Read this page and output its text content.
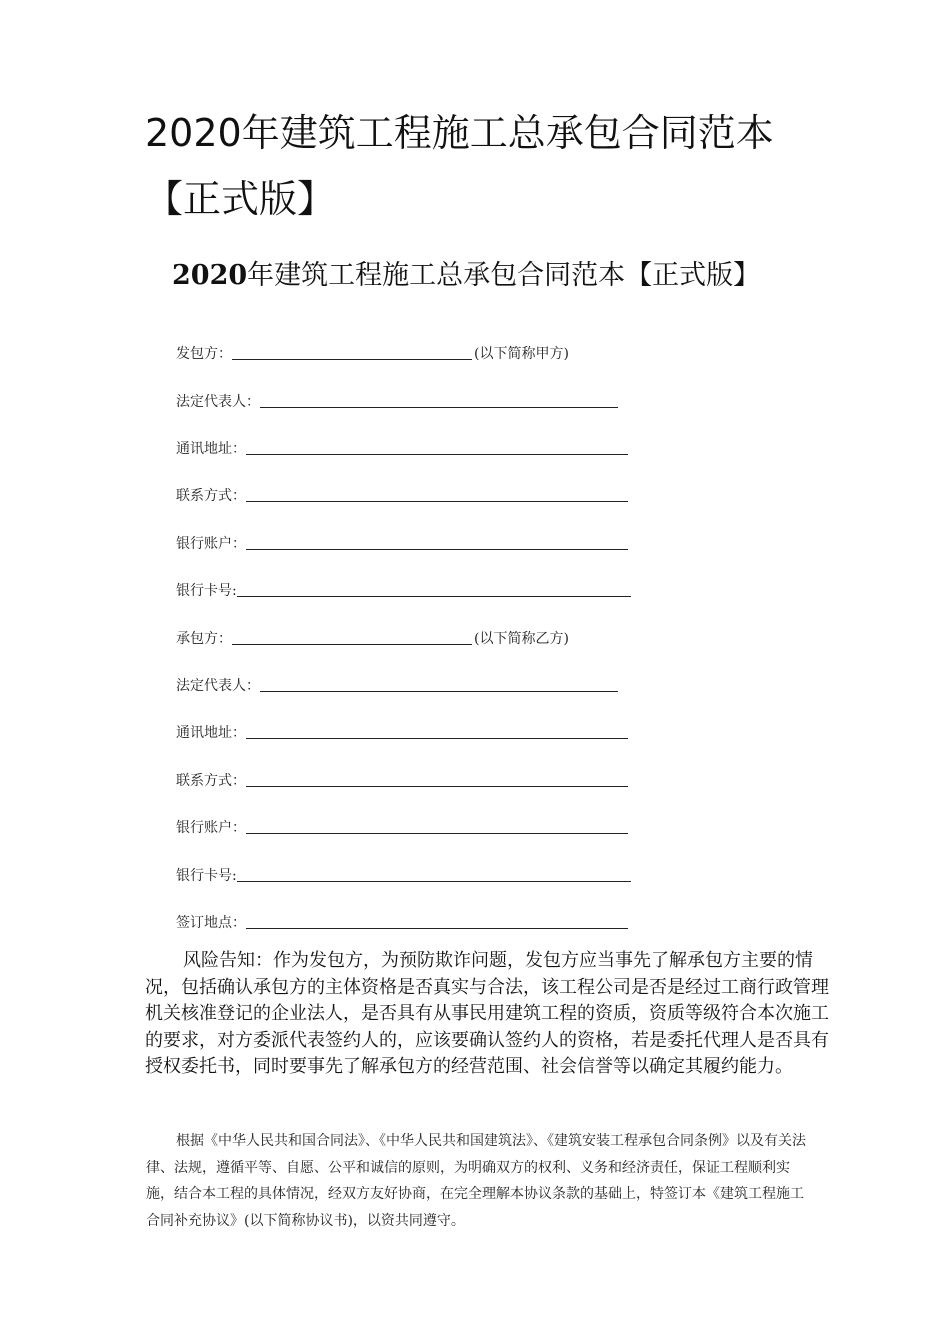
2020年建筑工程施工总承包合同范本【正式版】
2020年建筑工程施工总承包合同范本【正式版】
发包方：	(以下简称甲方)
法定代表人：
通讯地址：
联系方式：
银行账户：
银行卡号:
承包方：	(以下简称乙方)
法定代表人：
通讯地址：
联系方式：
银行账户：
银行卡号:
签订地点：

风险告知：作为发包方，为预防欺诈问题，发包方应当事先了解承包方主要的情况，包括确认承包方的主体资格是否真实与合法，该工程公司是否是经过工商行政管理机关核准登记的企业法人，是否具有从事民用建筑工程的资质，资质等级符合本次施工的要求，对方委派代表签约人的，应该要确认签约人的资格，若是委托代理人是否具有授权委托书，同时要事先了解承包方的经营范围、社会信誉等以确定其履约能力。

根据《中华人民共和国合同法》、《中华人民共和国建筑法》、《建筑安装工程承包合同条例》以及有关法律、法规，遵循平等、自愿、公平和诚信的原则，为明确双方的权利、义务和经济责任，保证工程顺利实施，结合本工程的具体情况，经双方友好协商，在完全理解本协议条款的基础上，特签订本《建筑工程施工合同补充协议》(以下简称协议书)，以资共同遵守。
